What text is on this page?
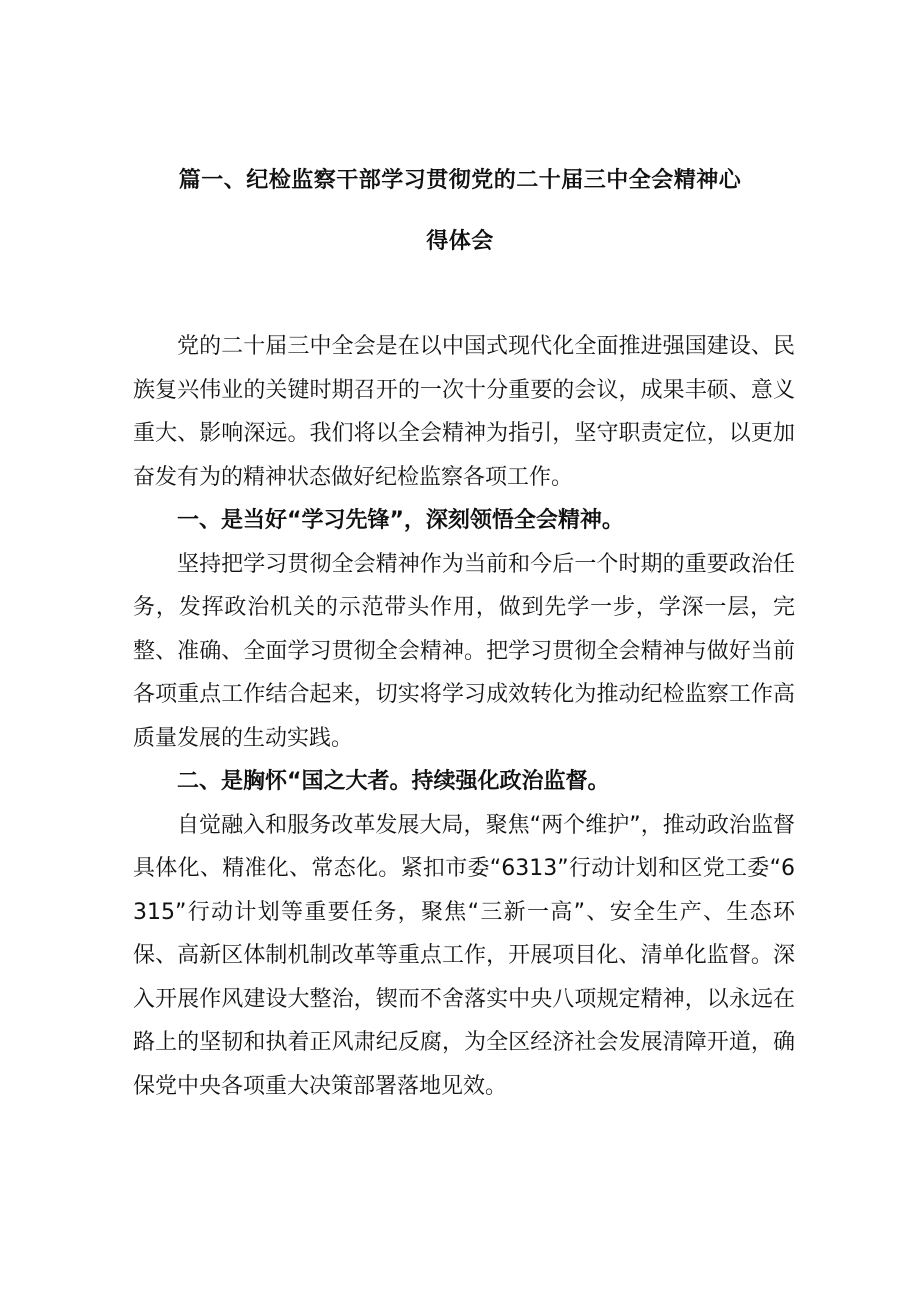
篇一、纪检监察干部学习贯彻党的二十届三中全会精神心
得体会

党的二十届三中全会是在以中国式现代化全面推进强国建设、民族复兴伟业的关键时期召开的一次十分重要的会议，成果丰硕、意义重大、影响深远。我们将以全会精神为指引，坚守职责定位，以更加奋发有为的精神状态做好纪检监察各项工作。

一、是当好“学习先锋”，深刻领悟全会精神。

坚持把学习贯彻全会精神作为当前和今后一个时期的重要政治任务，发挥政治机关的示范带头作用，做到先学一步，学深一层，完整、准确、全面学习贯彻全会精神。把学习贯彻全会精神与做好当前各项重点工作结合起来，切实将学习成效转化为推动纪检监察工作高质量发展的生动实践。

二、是胸怀“国之大者。持续强化政治监督。

自觉融入和服务改革发展大局，聚焦“两个维护”，推动政治监督具体化、精准化、常态化。紧扣市委“6313”行动计划和区党工委“6315”行动计划等重要任务，聚焦“三新一高”、安全生产、生态环保、高新区体制机制改革等重点工作，开展项目化、清单化监督。深入开展作风建设大整治，锲而不舍落实中央八项规定精神，以永远在路上的坚韧和执着正风肃纪反腐，为全区经济社会发展清障开道，确保党中央各项重大决策部署落地见效。
